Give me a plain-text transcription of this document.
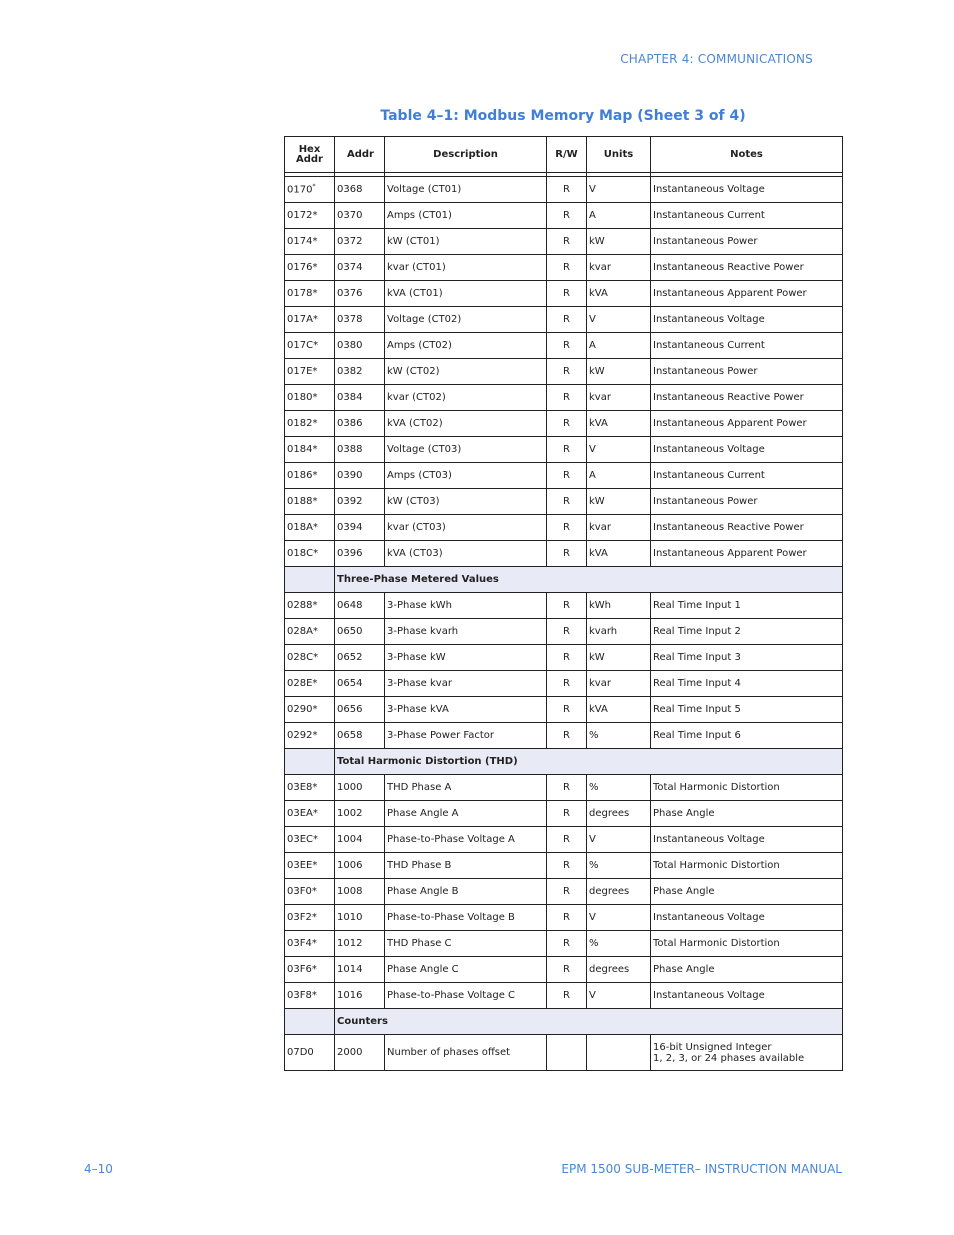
CHAPTER 4: COMMUNICATIONS
Table 4–1: Modbus Memory Map (Sheet 3 of 4)
Hex Addr	Addr	Description	R/W	Units	Notes

0170*	0368	Voltage (CT01)	R	V	Instantaneous Voltage
0172*	0370	Amps (CT01)	R	A	Instantaneous Current
0174*	0372	kW (CT01)	R	kW	Instantaneous Power
0176*	0374	kvar (CT01)	R	kvar	Instantaneous Reactive Power
0178*	0376	kVA (CT01)	R	kVA	Instantaneous Apparent Power
017A*	0378	Voltage (CT02)	R	V	Instantaneous Voltage
017C*	0380	Amps (CT02)	R	A	Instantaneous Current
017E*	0382	kW (CT02)	R	kW	Instantaneous Power
0180*	0384	kvar (CT02)	R	kvar	Instantaneous Reactive Power
0182*	0386	kVA (CT02)	R	kVA	Instantaneous Apparent Power
0184*	0388	Voltage (CT03)	R	V	Instantaneous Voltage
0186*	0390	Amps (CT03)	R	A	Instantaneous Current
0188*	0392	kW (CT03)	R	kW	Instantaneous Power
018A*	0394	kvar (CT03)	R	kvar	Instantaneous Reactive Power
018C*	0396	kVA (CT03)	R	kVA	Instantaneous Apparent Power
	Three-Phase Metered Values				
0288*	0648	3-Phase kWh	R	kWh	Real Time Input 1
028A*	0650	3-Phase kvarh	R	kvarh	Real Time Input 2
028C*	0652	3-Phase kW	R	kW	Real Time Input 3
028E*	0654	3-Phase kvar	R	kvar	Real Time Input 4
0290*	0656	3-Phase kVA	R	kVA	Real Time Input 5
0292*	0658	3-Phase Power Factor	R	%	Real Time Input 6
	Total Harmonic Distortion (THD)				
03E8*	1000	THD Phase A	R	%	Total Harmonic Distortion
03EA*	1002	Phase Angle A	R	degrees	Phase Angle
03EC*	1004	Phase-to-Phase Voltage A	R	V	Instantaneous Voltage
03EE*	1006	THD Phase B	R	%	Total Harmonic Distortion
03F0*	1008	Phase Angle B	R	degrees	Phase Angle
03F2*	1010	Phase-to-Phase Voltage B	R	V	Instantaneous Voltage
03F4*	1012	THD Phase C	R	%	Total Harmonic Distortion
03F6*	1014	Phase Angle C	R	degrees	Phase Angle
03F8*	1016	Phase-to-Phase Voltage C	R	V	Instantaneous Voltage
	Counters				
07D0	2000	Number of phases offset			16-bit Unsigned Integer
1, 2, 3, or 24 phases available
4–10	EPM 1500 SUB-METER– INSTRUCTION MANUAL
